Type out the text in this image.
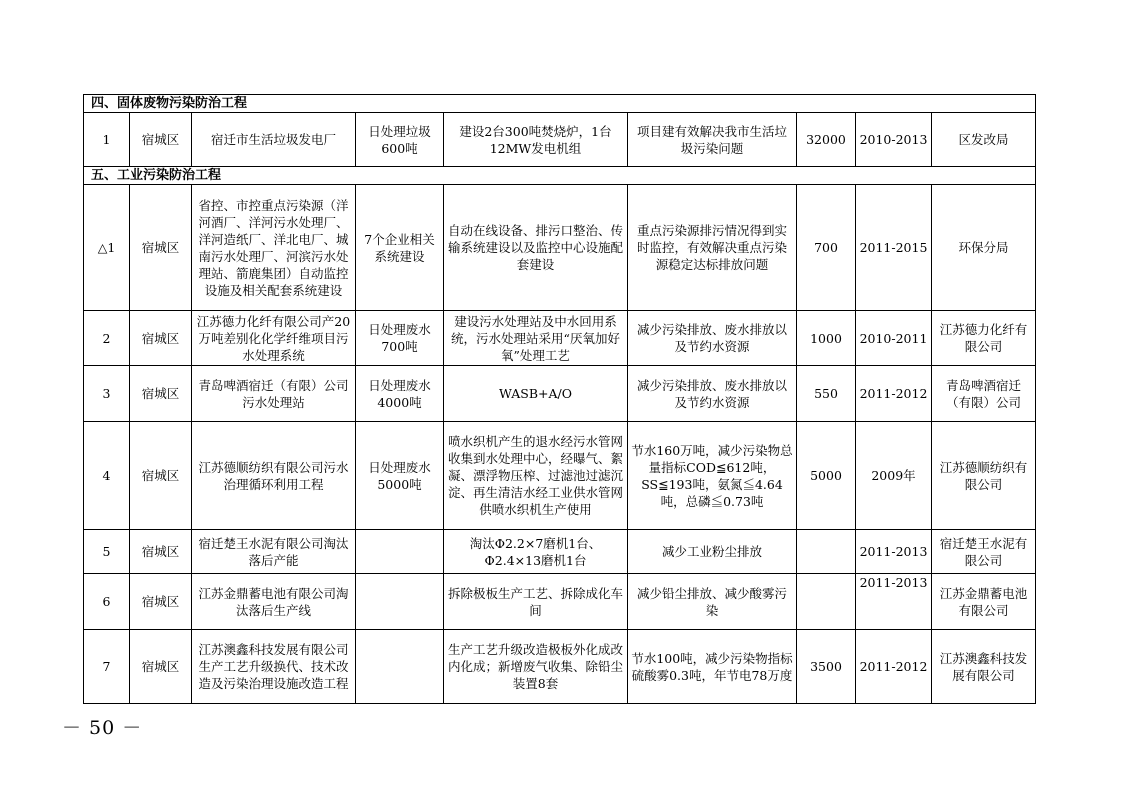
四、固体废物污染防治工程								
1	宿城区	宿迁市生活垃圾发电厂	日处理垃圾600吨	建设2台300吨焚烧炉，1台12MW发电机组	项目建有效解决我市生活垃圾污染问题	32000	2010-2013	区发改局
五、工业污染防治工程								
△1	宿城区	省控、市控重点污染源（洋河酒厂、洋河污水处理厂、洋河造纸厂、洋北电厂、城南污水处理厂、河滨污水处理站、箭鹿集团）自动监控设施及相关配套系统建设	7个企业相关系统建设	自动在线设备、排污口整治、传输系统建设以及监控中心设施配套建设	重点污染源排污情况得到实时监控，有效解决重点污染源稳定达标排放问题	700	2011-2015	环保分局
2	宿城区	江苏德力化纤有限公司产20万吨差别化化学纤维项目污水处理系统	日处理废水700吨	建设污水处理站及中水回用系统，污水处理站采用“厌氧加好氧”处理工艺	减少污染排放、废水排放以及节约水资源	1000	2010-2011	江苏德力化纤有限公司
3	宿城区	青岛啤酒宿迁（有限）公司污水处理站	日处理废水4000吨	WASB+A/O	减少污染排放、废水排放以及节约水资源	550	2011-2012	青岛啤酒宿迁（有限）公司
4	宿城区	江苏德顺纺织有限公司污水治理循环利用工程	日处理废水5000吨	喷水织机产生的退水经污水管网收集到水处理中心，经曝气、絮凝、漂浮物压榨、过滤池过滤沉淀、再生清洁水经工业供水管网供喷水织机生产使用	节水160万吨，减少污染物总量指标COD≦612吨，SS≦193吨，氨氮≦4.64吨，总磷≦0.73吨	5000	2009年	江苏德顺纺织有限公司
5	宿城区	宿迁楚王水泥有限公司淘汰落后产能		淘汰Φ2.2×7磨机1台、Φ2.4×13磨机1台	减少工业粉尘排放		2011-2013	宿迁楚王水泥有限公司
6	宿城区	江苏金鼎蓄电池有限公司淘汰落后生产线		拆除极板生产工艺、拆除成化车间	减少铅尘排放、减少酸雾污染		2011-2013	江苏金鼎蓄电池有限公司
7	宿城区	江苏澳鑫科技发展有限公司生产工艺升级换代、技术改造及污染治理设施改造工程		生产工艺升级改造极板外化成改内化成；新增废气收集、除铅尘装置8套	节水100吨，减少污染物指标硫酸雾0.3吨，年节电78万度	3500	2011-2012	江苏澳鑫科技发展有限公司
－ 50 －
